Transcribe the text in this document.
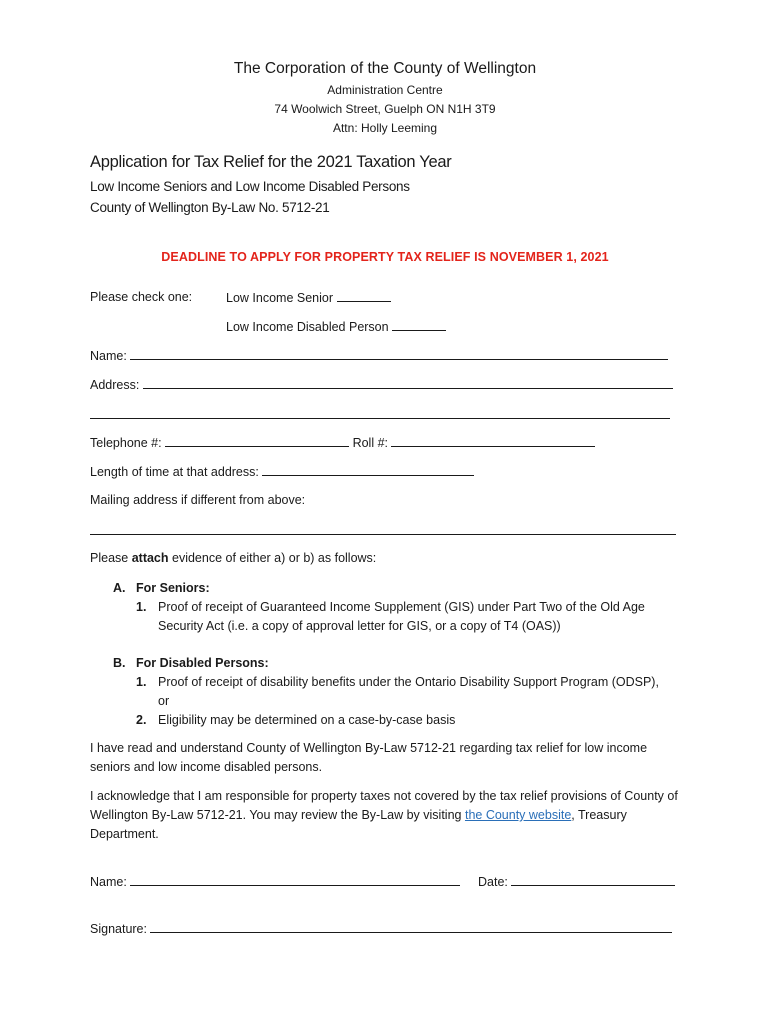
The Corporation of the County of Wellington
Administration Centre
74 Woolwich Street, Guelph ON N1H 3T9
Attn: Holly Leeming
Application for Tax Relief for the 2021 Taxation Year
Low Income Seniors and Low Income Disabled Persons
County of Wellington By-Law No. 5712-21
DEADLINE TO APPLY FOR PROPERTY TAX RELIEF IS NOVEMBER 1, 2021
Please check one:	Low Income Senior
Low Income Disabled Person
Name:
Address:
Telephone #:	Roll #:
Length of time at that address:
Mailing address if different from above:
Please attach evidence of either a) or b) as follows:
A. For Seniors:
1. Proof of receipt of Guaranteed Income Supplement (GIS) under Part Two of the Old Age
Security Act (i.e. a copy of approval letter for GIS, or a copy of T4 (OAS))
B. For Disabled Persons:
1. Proof of receipt of disability benefits under the Ontario Disability Support Program (ODSP),
or
2. Eligibility may be determined on a case-by-case basis
I have read and understand County of Wellington By-Law 5712-21 regarding tax relief for low income seniors and low income disabled persons.
I acknowledge that I am responsible for property taxes not covered by the tax relief provisions of County of Wellington By-Law 5712-21. You may review the By-Law by visiting the County website, Treasury Department.
Name:	Date:
Signature:
